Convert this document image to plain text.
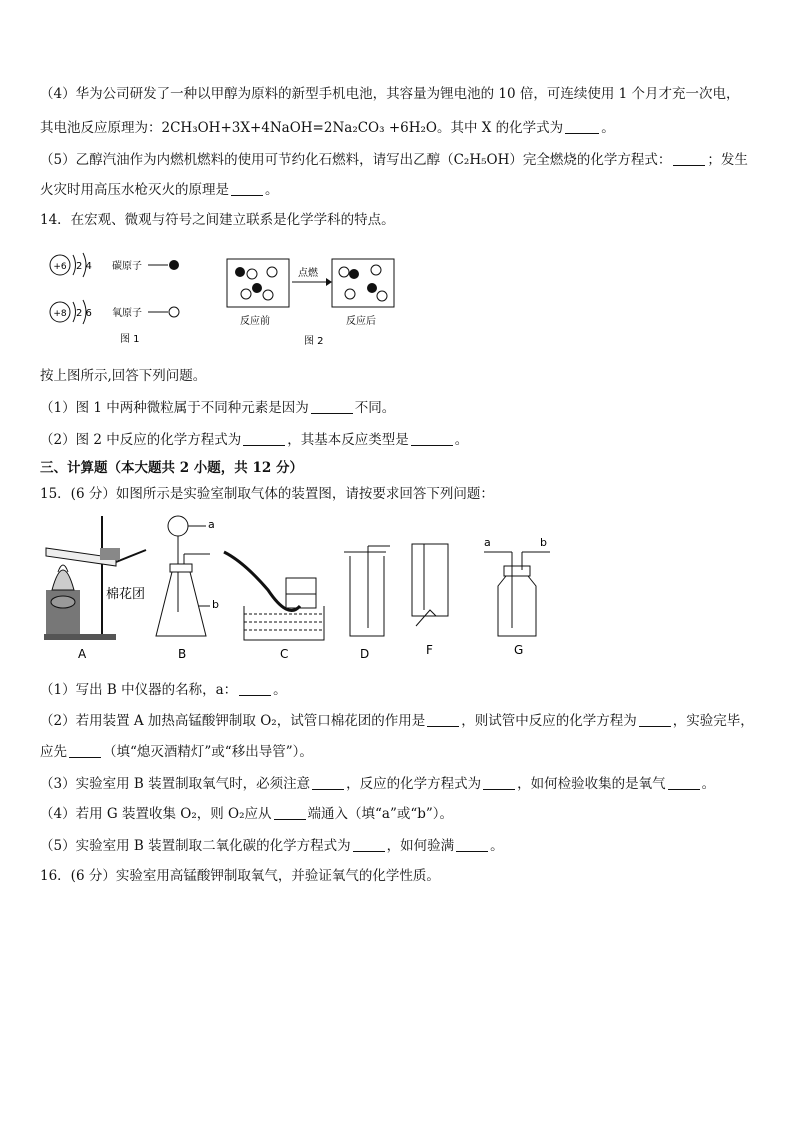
（4）华为公司研发了一种以甲醇为原料的新型手机电池，其容量为锂电池的 10 倍，可连续使用 1 个月才充一次电，
其电池反应原理为：2CH₃OH+3X+4NaOH=2Na₂CO₃ +6H₂O。其中 X 的化学式为	。
（5）乙醇汽油作为内燃机燃料的使用可节约化石燃料，请写出乙醇（C₂H₅OH）完全燃烧的化学方程式：	；发生
火灾时用高压水枪灭火的原理是	。
14．在宏观、微观与符号之间建立联系是化学学科的特点。
+6 2 4 碳原子
+8 2 6 氧原子
图 1
点燃
反应前	反应后
图 2
按上图所示,回答下列问题。
（1）图 1 中两种微粒属于不同种元素是因为	不同。
（2）图 2 中反应的化学方程式为	，其基本反应类型是	。
三、计算题（本大题共 2 小题，共 12 分）
15．(6 分）如图所示是实验室制取气体的装置图，请按要求回答下列问题：
棉花团
A
a
b
B	C	D	F
a	b
G
（1）写出 B 中仪器的名称，a：	。
（2）若用装置 A 加热高锰酸钾制取 O₂，试管口棉花团的作用是	，则试管中反应的化学方程为	，实验完毕，
应先	（填“熄灭酒精灯”或“移出导管”）。
（3）实验室用 B 装置制取氧气时，必须注意	，反应的化学方程式为	，如何检验收集的是氧气	。
（4）若用 G 装置收集 O₂，则 O₂应从	端通入（填“a”或“b”）。
（5）实验室用 B 装置制取二氧化碳的化学方程式为	，如何验满	。
16．(6 分）实验室用高锰酸钾制取氧气，并验证氧气的化学性质。
